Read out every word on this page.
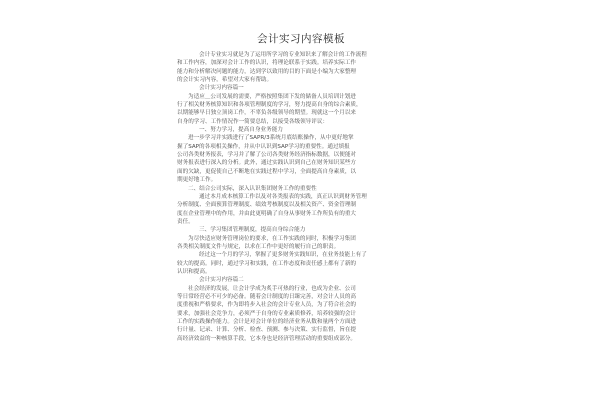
会计实习内容模板
会计专业实习就是为了运用所学习的专业知识来了解会计的工作流程
和工作内容，加深对会计工作的认识，将理论联系于实践。培养实际工作
能力和分析解决问题的能力，达到学以致用的目的下面是小编为大家整理
的会计实习内容，希望对大家有帮助。
会计实习内容篇一
为适应＿公司发展的需要，严格按照集团下发的储备人员培训计划进
行了相关财务核算知识和各项管理制度的学习，努力提高自身的综合素质，
以期能够早日独立顶岗工作，不辜负各级领导的期望。现就这一个月以来
自身的学习、工作情况作一简要总结，以接受各级领导评议：
一、努力学习，提高自身业务能力
进一步学习并实践进行了SAPR/3系统月底结账操作，从中更好地掌
握了SAP的各项相关操作，并从中认识到SAP学习的重要性。通过填报
公司各类财务报表，学习并了解了公司各类财务经济指标数据，以便能对
财务报表进行深入的分析。此外，通过实践认识到自己在财务知识某些方
面的欠缺，更促使自己不断地在实践过程中学习，全面提高自身素质，以
期更好地工作。
二、结合公司实际，深入认识集团财务工作的重要性
通过本月成本核算工作以及对各类报表的实践，真正认识到财务管理
分析制度、全面预算管理制度、绩效考核制度以及相关资产、资金管理制
度在企业管理中的作用，并由此更明确了自身从事财务工作所负有的重大
责任。
三、学习集团管理制度，提高自身综合能力
为尽快适应财务管理岗位的要求，在工作实践的同时，积极学习集团
各类相关制度文件与规定，以求在工作中更好的履行自己的职责。
经过这一个月的学习，掌握了更多财务实践知识，在业务技能上有了
较大的提高。同时，通过学习和实践，在工作态度和责任感上都有了新的
认识和提高。
会计实习内容篇二
社会经济的发展，让会计学成为炙手可热的行业，也成为企业、公司
等日常经营必不可少的必备。随着会计制度的日臻完善，对会计人员的高
度重视和严格要求，作为即将步入社会的会计专业人员，为了符合社会的
要求，加强社会竞争力，必须严于自身的专业素质修养，培养较强的会计
工作的实践操作能力。会计是对会计单位的经济业务从数和量两个方面进
行计量、记录、计算、分析、检查、预测、参与决策、实行监督，旨在提
高经济效益的一种核算手段，它本身也是经济管理活动的重要组成部分。
